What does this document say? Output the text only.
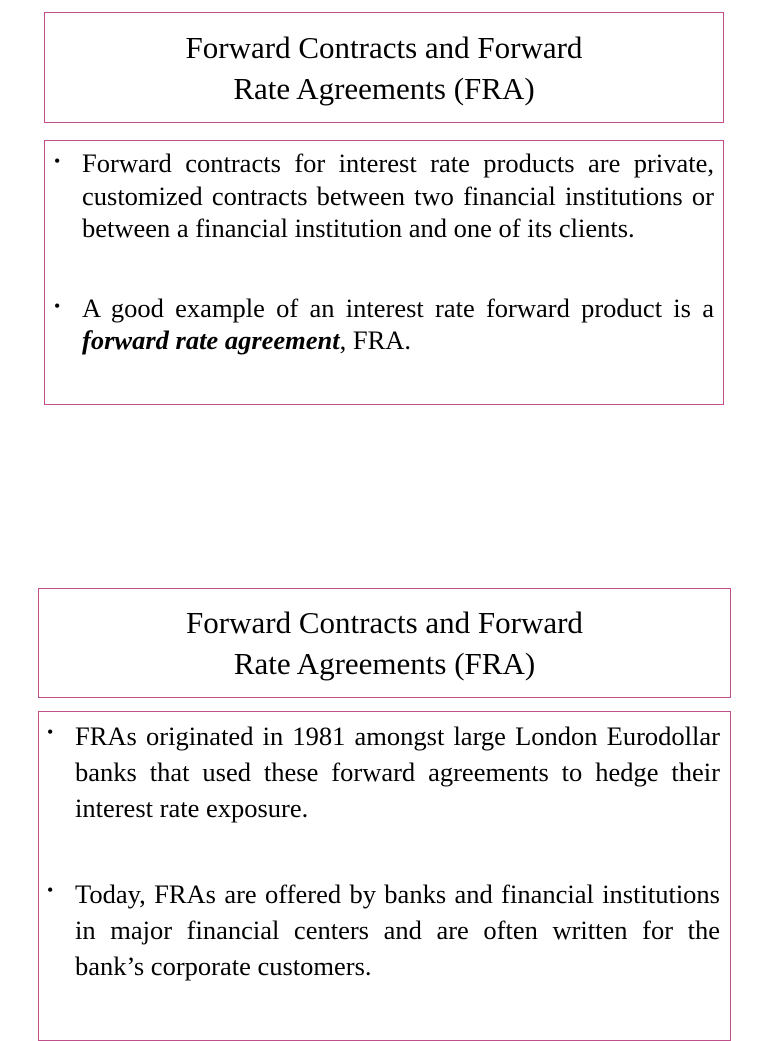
Forward Contracts and Forward
Rate Agreements (FRA)
• Forward contracts for interest rate products are private, customized contracts between two financial institutions or between a financial institution and one of its clients.
• A good example of an interest rate forward product is a forward rate agreement, FRA.
Forward Contracts and Forward
Rate Agreements (FRA)
• FRAs originated in 1981 amongst large London Eurodollar banks that used these forward agreements to hedge their interest rate exposure.
• Today, FRAs are offered by banks and financial institutions in major financial centers and are often written for the bank’s corporate customers.
